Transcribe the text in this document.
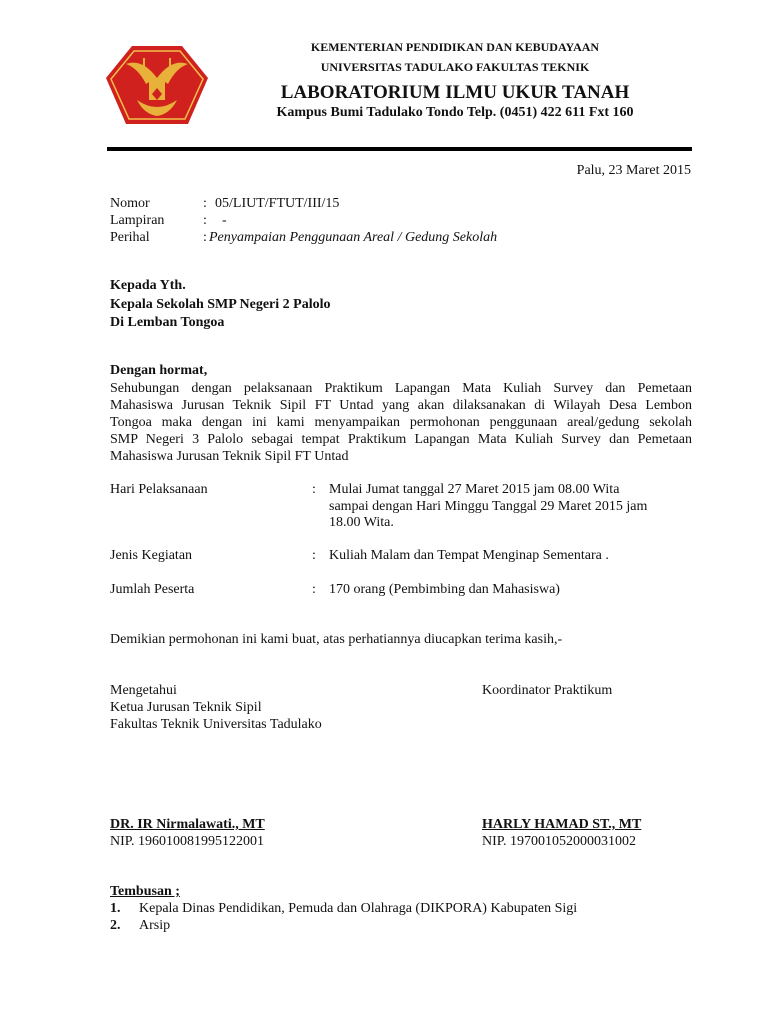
KEMENTERIAN PENDIDIKAN DAN KEBUDAYAAN
UNIVERSITAS TADULAKO FAKULTAS TEKNIK
LABORATORIUM ILMU UKUR TANAH
Kampus Bumi Tadulako Tondo Telp. (0451) 422 611 Fxt 160
Palu, 23 Maret 2015
Nomor	: 05/LIUT/FTUT/III/15
Lampiran	: -
Perihal	: Penyampaian Penggunaan Areal / Gedung Sekolah
Kepada Yth.
Kepala Sekolah SMP Negeri 2 Palolo
Di Lemban Tongoa
Dengan hormat,
Sehubungan dengan pelaksanaan Praktikum Lapangan Mata Kuliah Survey dan Pemetaan
Mahasiswa Jurusan Teknik Sipil FT Untad yang akan dilaksanakan di Wilayah Desa Lembon
Tongoa maka dengan ini kami menyampaikan permohonan penggunaan areal/gedung sekolah
SMP Negeri 3 Palolo sebagai tempat Praktikum Lapangan Mata Kuliah Survey dan Pemetaan
Mahasiswa Jurusan Teknik Sipil FT Untad
Hari Pelaksanaan	: Mulai Jumat tanggal 27 Maret 2015 jam 08.00 Wita
sampai dengan Hari Minggu Tanggal 29 Maret 2015 jam
18.00 Wita.
Jenis Kegiatan	: Kuliah Malam dan Tempat Menginap Sementara .
Jumlah Peserta	: 170 orang (Pembimbing dan Mahasiswa)
Demikian permohonan ini kami buat, atas perhatiannya diucapkan terima kasih,-
Mengetahui
Ketua Jurusan Teknik Sipil
Fakultas Teknik Universitas Tadulako
DR. IR Nirmalawati., MT
NIP. 196010081995122001
Koordinator Praktikum
HARLY HAMAD ST., MT
NIP. 197001052000031002
Tembusan ;
1. Kepala Dinas Pendidikan, Pemuda dan Olahraga (DIKPORA) Kabupaten Sigi
2. Arsip
